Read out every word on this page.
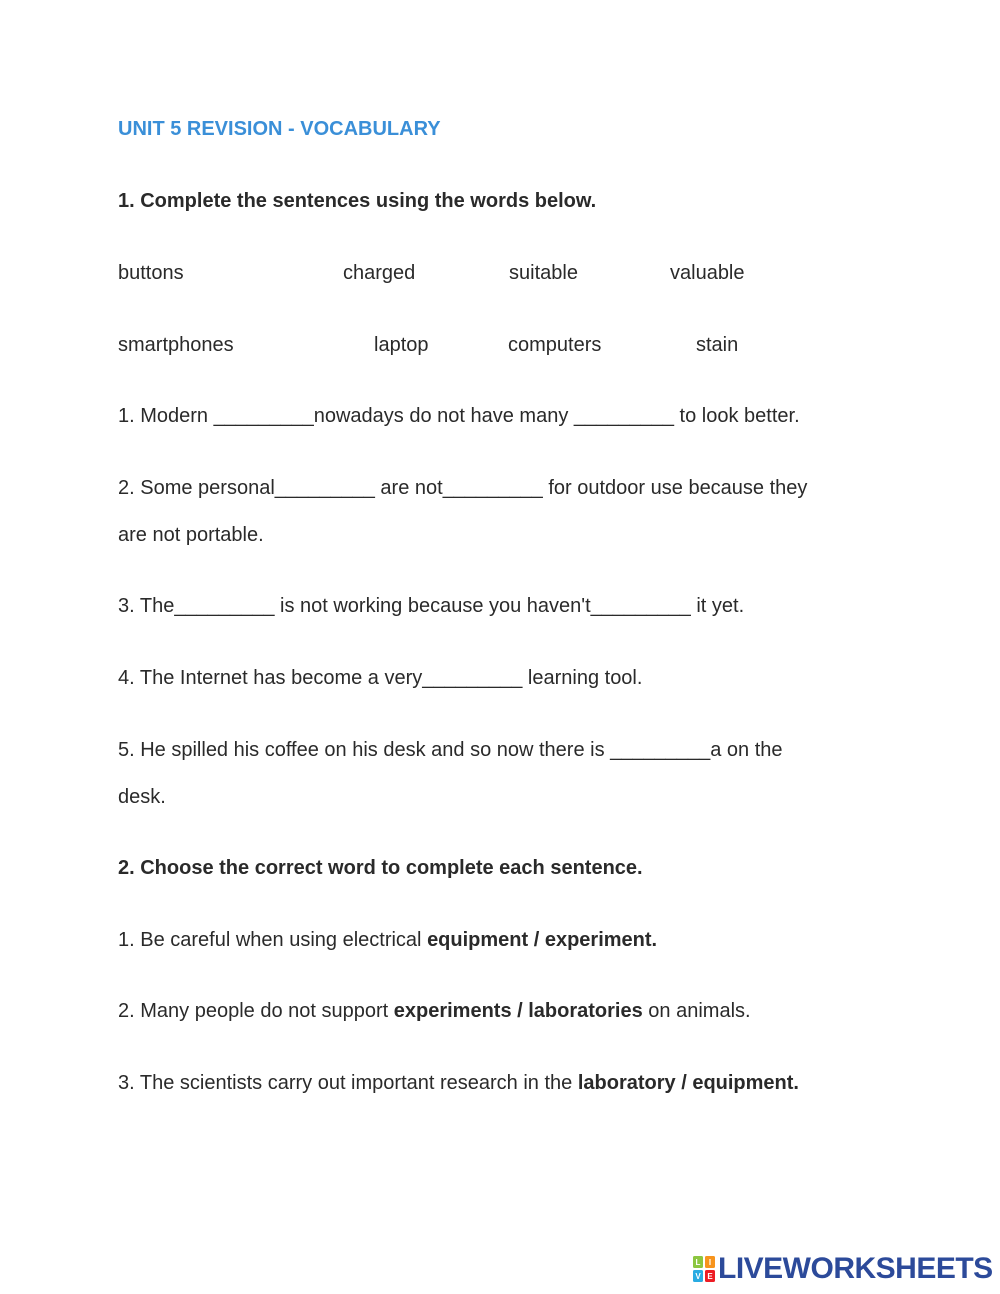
UNIT 5 REVISION - VOCABULARY
1. Complete the sentences using the words below.
buttons	charged	suitable	valuable
smartphones	laptop	computers	stain
1. Modern _________nowadays do not have many _________ to look better.
2. Some personal_________ are not_________ for outdoor use because they
are not portable.
3. The_________ is not working because you haven't_________ it yet.
4. The Internet has become a very_________ learning tool.
5. He spilled his coffee on his desk and so now there is _________a on the
desk.
2. Choose the correct word to complete each sentence.
1. Be careful when using electrical equipment / experiment.
2. Many people do not support experiments / laboratories on animals.
3. The scientists carry out important research in the laboratory / equipment.
L I
V E LIVEWORKSHEETS
